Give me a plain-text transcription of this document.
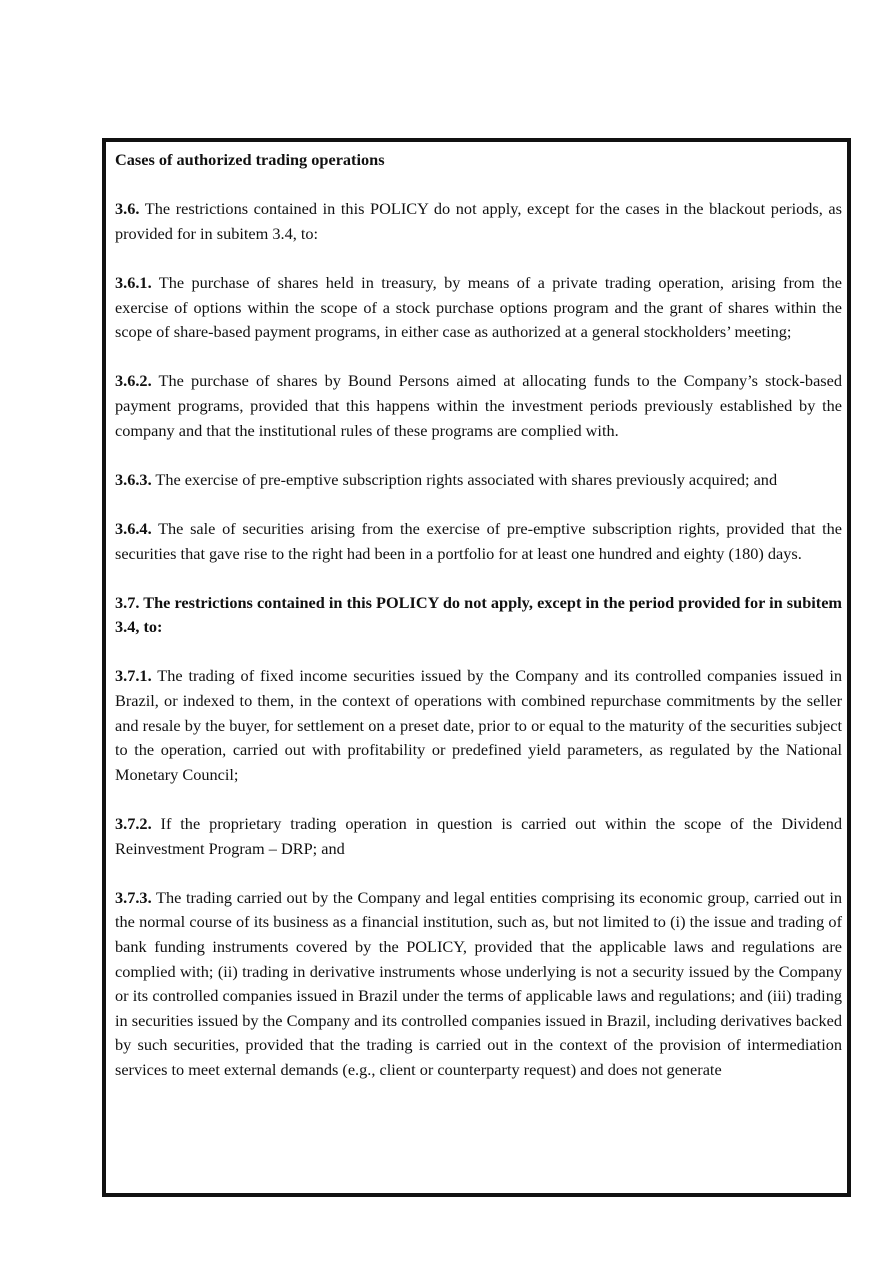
Cases of authorized trading operations

3.6. The restrictions contained in this POLICY do not apply, except for the cases in the blackout periods, as provided for in subitem 3.4, to:

3.6.1. The purchase of shares held in treasury, by means of a private trading operation, arising from the exercise of options within the scope of a stock purchase options program and the grant of shares within the scope of share-based payment programs, in either case as authorized at a general stockholders’ meeting;

3.6.2. The purchase of shares by Bound Persons aimed at allocating funds to the Company’s stock-based payment programs, provided that this happens within the investment periods previously established by the company and that the institutional rules of these programs are complied with.

3.6.3. The exercise of pre-emptive subscription rights associated with shares previously acquired; and

3.6.4. The sale of securities arising from the exercise of pre-emptive subscription rights, provided that the securities that gave rise to the right had been in a portfolio for at least one hundred and eighty (180) days.

3.7. The restrictions contained in this POLICY do not apply, except in the period provided for in subitem 3.4, to:

3.7.1. The trading of fixed income securities issued by the Company and its controlled companies issued in Brazil, or indexed to them, in the context of operations with combined repurchase commitments by the seller and resale by the buyer, for settlement on a preset date, prior to or equal to the maturity of the securities subject to the operation, carried out with profitability or predefined yield parameters, as regulated by the National Monetary Council;

3.7.2. If the proprietary trading operation in question is carried out within the scope of the Dividend Reinvestment Program – DRP; and

3.7.3. The trading carried out by the Company and legal entities comprising its economic group, carried out in the normal course of its business as a financial institution, such as, but not limited to (i) the issue and trading of bank funding instruments covered by the POLICY, provided that the applicable laws and regulations are complied with; (ii) trading in derivative instruments whose underlying is not a security issued by the Company or its controlled companies issued in Brazil under the terms of applicable laws and regulations; and (iii) trading in securities issued by the Company and its controlled companies issued in Brazil, including derivatives backed by such securities, provided that the trading is carried out in the context of the provision of intermediation services to meet external demands (e.g., client or counterparty request) and does not generate
